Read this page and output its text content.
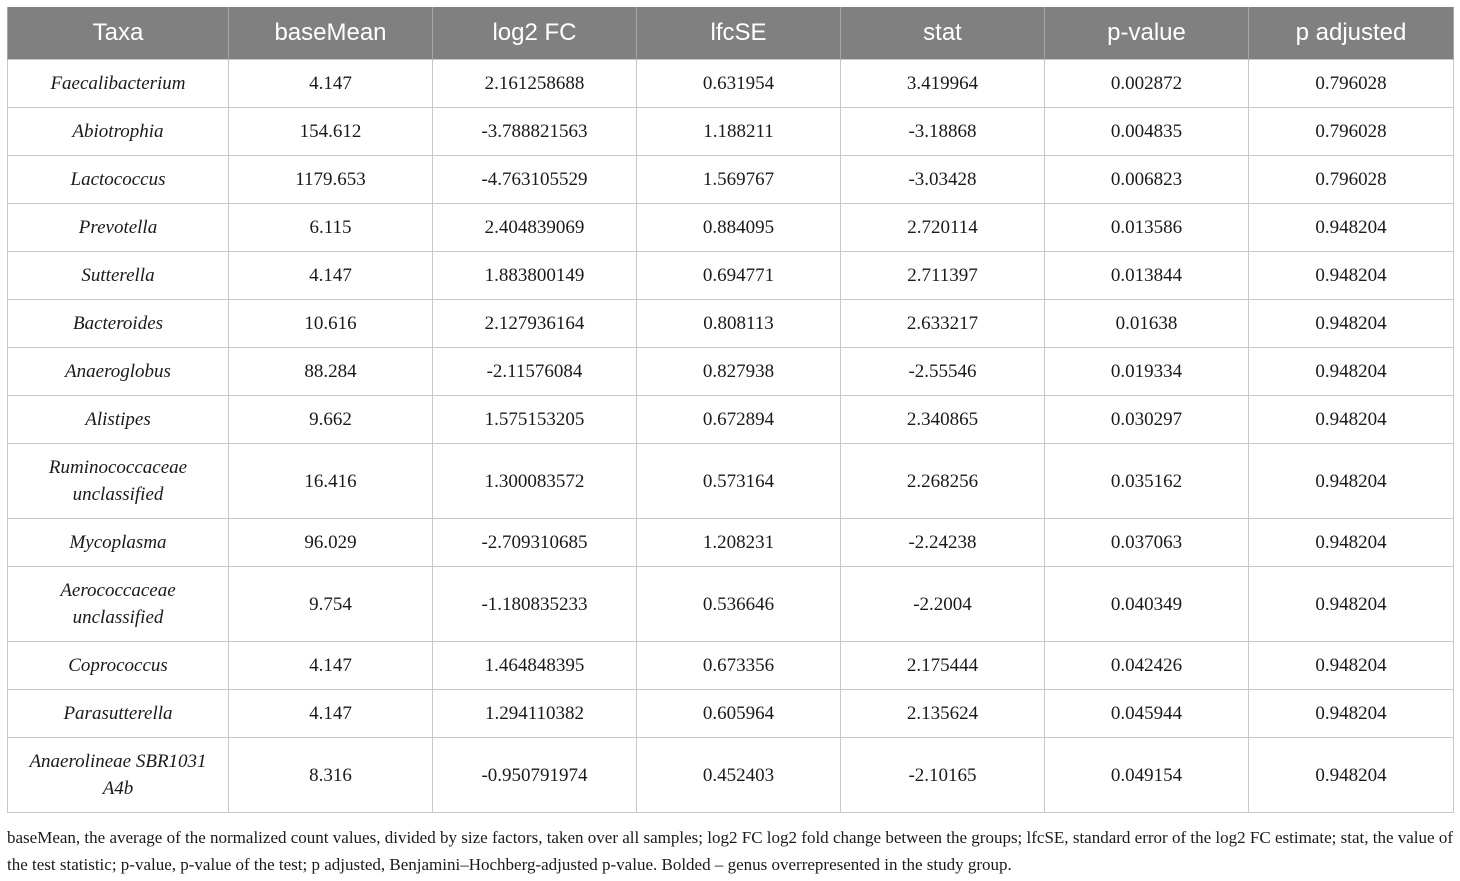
Taxa	baseMean	log2 FC	lfcSE	stat	p-value	p adjusted
Faecalibacterium	4.147	2.161258688	0.631954	3.419964	0.002872	0.796028
Abiotrophia	154.612	-3.788821563	1.188211	-3.18868	0.004835	0.796028
Lactococcus	1179.653	-4.763105529	1.569767	-3.03428	0.006823	0.796028
Prevotella	6.115	2.404839069	0.884095	2.720114	0.013586	0.948204
Sutterella	4.147	1.883800149	0.694771	2.711397	0.013844	0.948204
Bacteroides	10.616	2.127936164	0.808113	2.633217	0.01638	0.948204
Anaeroglobus	88.284	-2.11576084	0.827938	-2.55546	0.019334	0.948204
Alistipes	9.662	1.575153205	0.672894	2.340865	0.030297	0.948204
Ruminococcaceae unclassified	16.416	1.300083572	0.573164	2.268256	0.035162	0.948204
Mycoplasma	96.029	-2.709310685	1.208231	-2.24238	0.037063	0.948204
Aerococcaceae unclassified	9.754	-1.180835233	0.536646	-2.2004	0.040349	0.948204
Coprococcus	4.147	1.464848395	0.673356	2.175444	0.042426	0.948204
Parasutterella	4.147	1.294110382	0.605964	2.135624	0.045944	0.948204
Anaerolineae SBR1031 A4b	8.316	-0.950791974	0.452403	-2.10165	0.049154	0.948204
baseMean, the average of the normalized count values, divided by size factors, taken over all samples; log2 FC log2 fold change between the groups; lfcSE, standard error of the log2 FC estimate; stat, the value of the test statistic; p-value, p-value of the test; p adjusted, Benjamini–Hochberg-adjusted p-value. Bolded – genus overrepresented in the study group.
